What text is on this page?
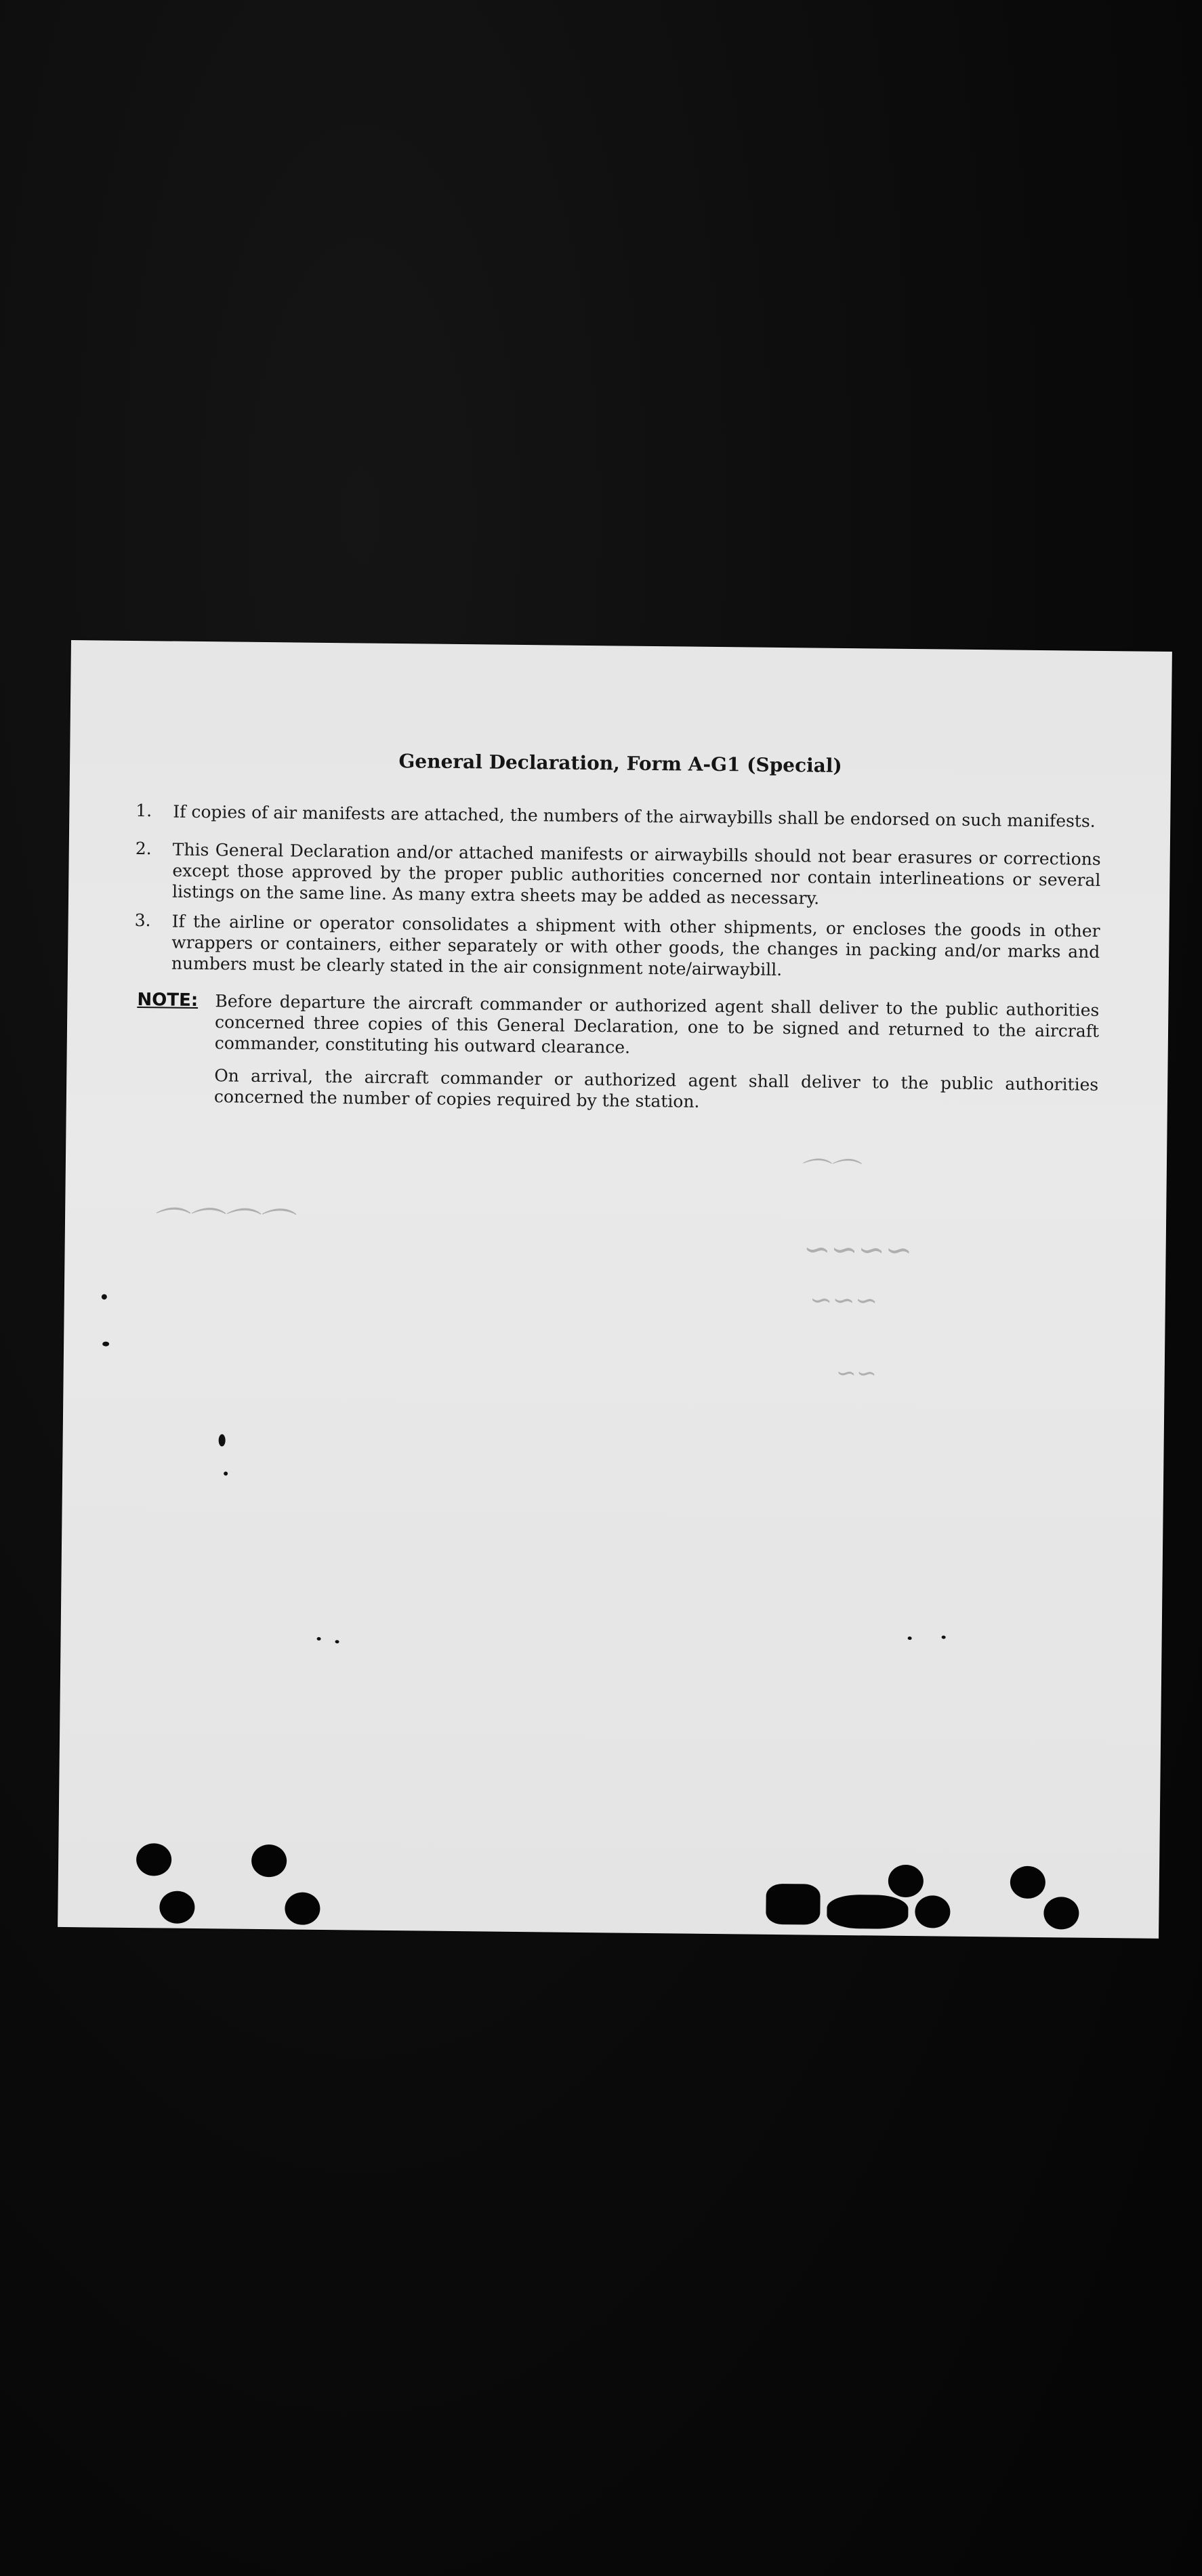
General Declaration, Form A-G1 (Special)
1. If copies of air manifests are attached, the numbers of the airwaybills shall be endorsed on such manifests.
2. This General Declaration and/or attached manifests or airwaybills should not bear erasures or corrections except those approved by the proper public authorities concerned nor contain interlineations or several listings on the same line. As many extra sheets may be added as necessary.
3. If the airline or operator consolidates a shipment with other shipments, or encloses the goods in other wrappers or containers, either separately or with other goods, the changes in packing and/or marks and numbers must be clearly stated in the air consignment note/airwaybill.
NOTE: Before departure the aircraft commander or authorized agent shall deliver to the public authorities concerned three copies of this General Declaration, one to be signed and returned to the aircraft commander, constituting his outward clearance.
On arrival, the aircraft commander or authorized agent shall deliver to the public authorities concerned the number of copies required by the station.
⌒⌒⌒⌒
∽∽∽∽
∽∽∽
∽∽
⌒⌒
